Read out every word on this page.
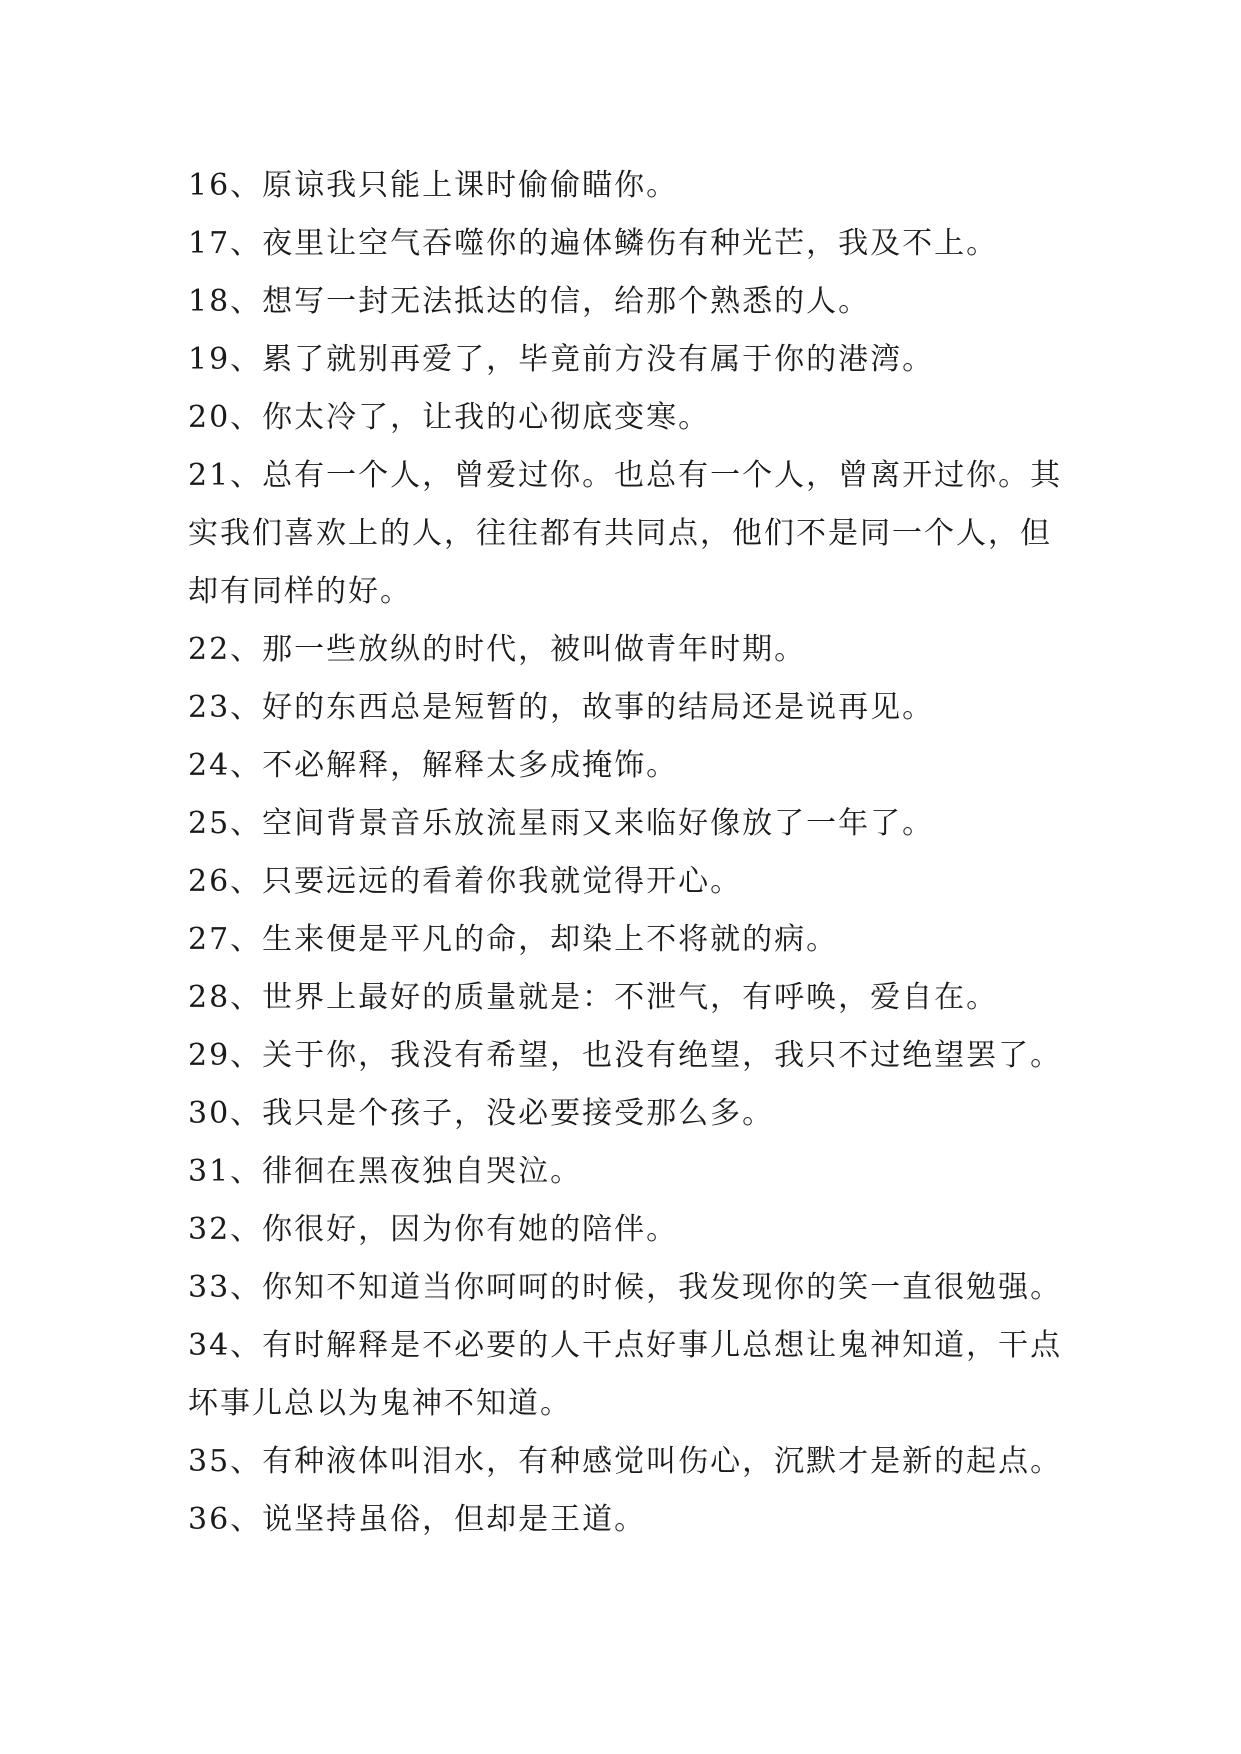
16、原谅我只能上课时偷偷瞄你。

17、夜里让空气吞噬你的遍体鳞伤有种光芒，我及不上。

18、想写一封无法抵达的信，给那个熟悉的人。

19、累了就别再爱了，毕竟前方没有属于你的港湾。

20、你太冷了，让我的心彻底变寒。

21、总有一个人，曾爱过你。也总有一个人，曾离开过你。其实我们喜欢上的人，往往都有共同点，他们不是同一个人，但却有同样的好。

22、那一些放纵的时代，被叫做青年时期。

23、好的东西总是短暂的，故事的结局还是说再见。

24、不必解释，解释太多成掩饰。

25、空间背景音乐放流星雨又来临好像放了一年了。

26、只要远远的看着你我就觉得开心。

27、生来便是平凡的命，却染上不将就的病。

28、世界上最好的质量就是：不泄气，有呼唤，爱自在。

29、关于你，我没有希望，也没有绝望，我只不过绝望罢了。

30、我只是个孩子，没必要接受那么多。

31、徘徊在黑夜独自哭泣。

32、你很好，因为你有她的陪伴。

33、你知不知道当你呵呵的时候，我发现你的笑一直很勉强。

34、有时解释是不必要的人干点好事儿总想让鬼神知道，干点坏事儿总以为鬼神不知道。

35、有种液体叫泪水，有种感觉叫伤心，沉默才是新的起点。

36、说坚持虽俗，但却是王道。
